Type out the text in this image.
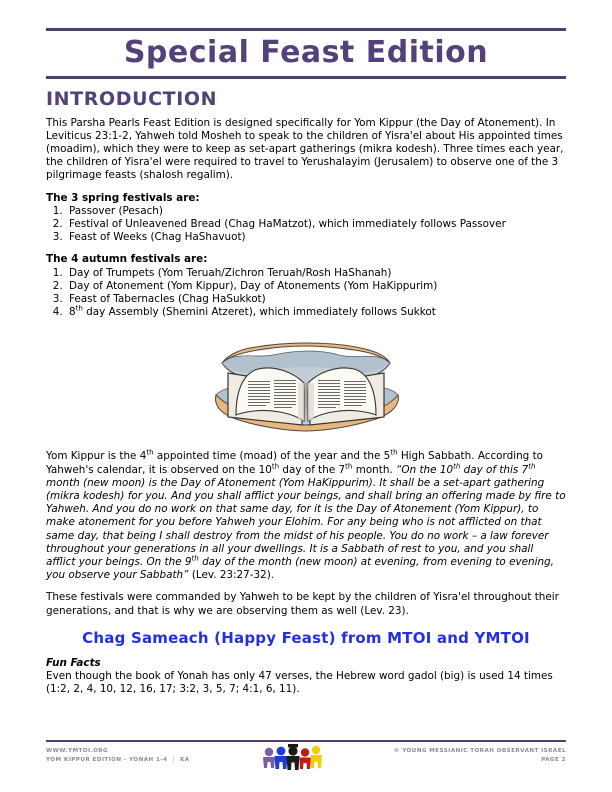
Special Feast Edition
INTRODUCTION

This Parsha Pearls Feast Edition is designed specifically for Yom Kippur (the Day of Atonement). In Leviticus 23:1-2, Yahweh told Mosheh to speak to the children of Yisra'el about His appointed times (moadim), which they were to keep as set-apart gatherings (mikra kodesh). Three times each year, the children of Yisra'el were required to travel to Yerushalayim (Jerusalem) to observe one of the 3 pilgrimage feasts (shalosh regalim).

The 3 spring festivals are:
1. Passover (Pesach)
2. Festival of Unleavened Bread (Chag HaMatzot), which immediately follows Passover
3. Feast of Weeks (Chag HaShavuot)
The 4 autumn festivals are:
1. Day of Trumpets (Yom Teruah/Zichron Teruah/Rosh HaShanah)
2. Day of Atonement (Yom Kippur), Day of Atonements (Yom HaKippurim)
3. Feast of Tabernacles (Chag HaSukkot)
4. 8th day Assembly (Shemini Atzeret), which immediately follows Sukkot

Yom Kippur is the 4th appointed time (moad) of the year and the 5th High Sabbath. According to Yahweh's calendar, it is observed on the 10th day of the 7th month. “On the 10th day of this 7th month (new moon) is the Day of Atonement (Yom HaKippurim). It shall be a set-apart gathering (mikra kodesh) for you. And you shall afflict your beings, and shall bring an offering made by fire to Yahweh. And you do no work on that same day, for it is the Day of Atonement (Yom Kippur), to make atonement for you before Yahweh your Elohim. For any being who is not afflicted on that same day, that being I shall destroy from the midst of his people. You do no work – a law forever throughout your generations in all your dwellings. It is a Sabbath of rest to you, and you shall afflict your beings. On the 9th day of the month (new moon) at evening, from evening to evening, you observe your Sabbath” (Lev. 23:27-32).

These festivals were commanded by Yahweh to be kept by the children of Yisra'el throughout their generations, and that is why we are observing them as well (Lev. 23).

Chag Sameach (Happy Feast) from MTOI and YMTOI
Fun Facts

Even though the book of Yonah has only 47 verses, the Hebrew word gadol (big) is used 14 times (1:2, 2, 4, 10, 12, 16, 17; 3:2, 3, 5, 7; 4:1, 6, 11).

WWW.YMTOI.ORG
YOM KIPPUR EDITION - YONAH 1-4 | KA
© YOUNG MESSIANIC TORAH OBSERVANT ISRAEL
PAGE 2
